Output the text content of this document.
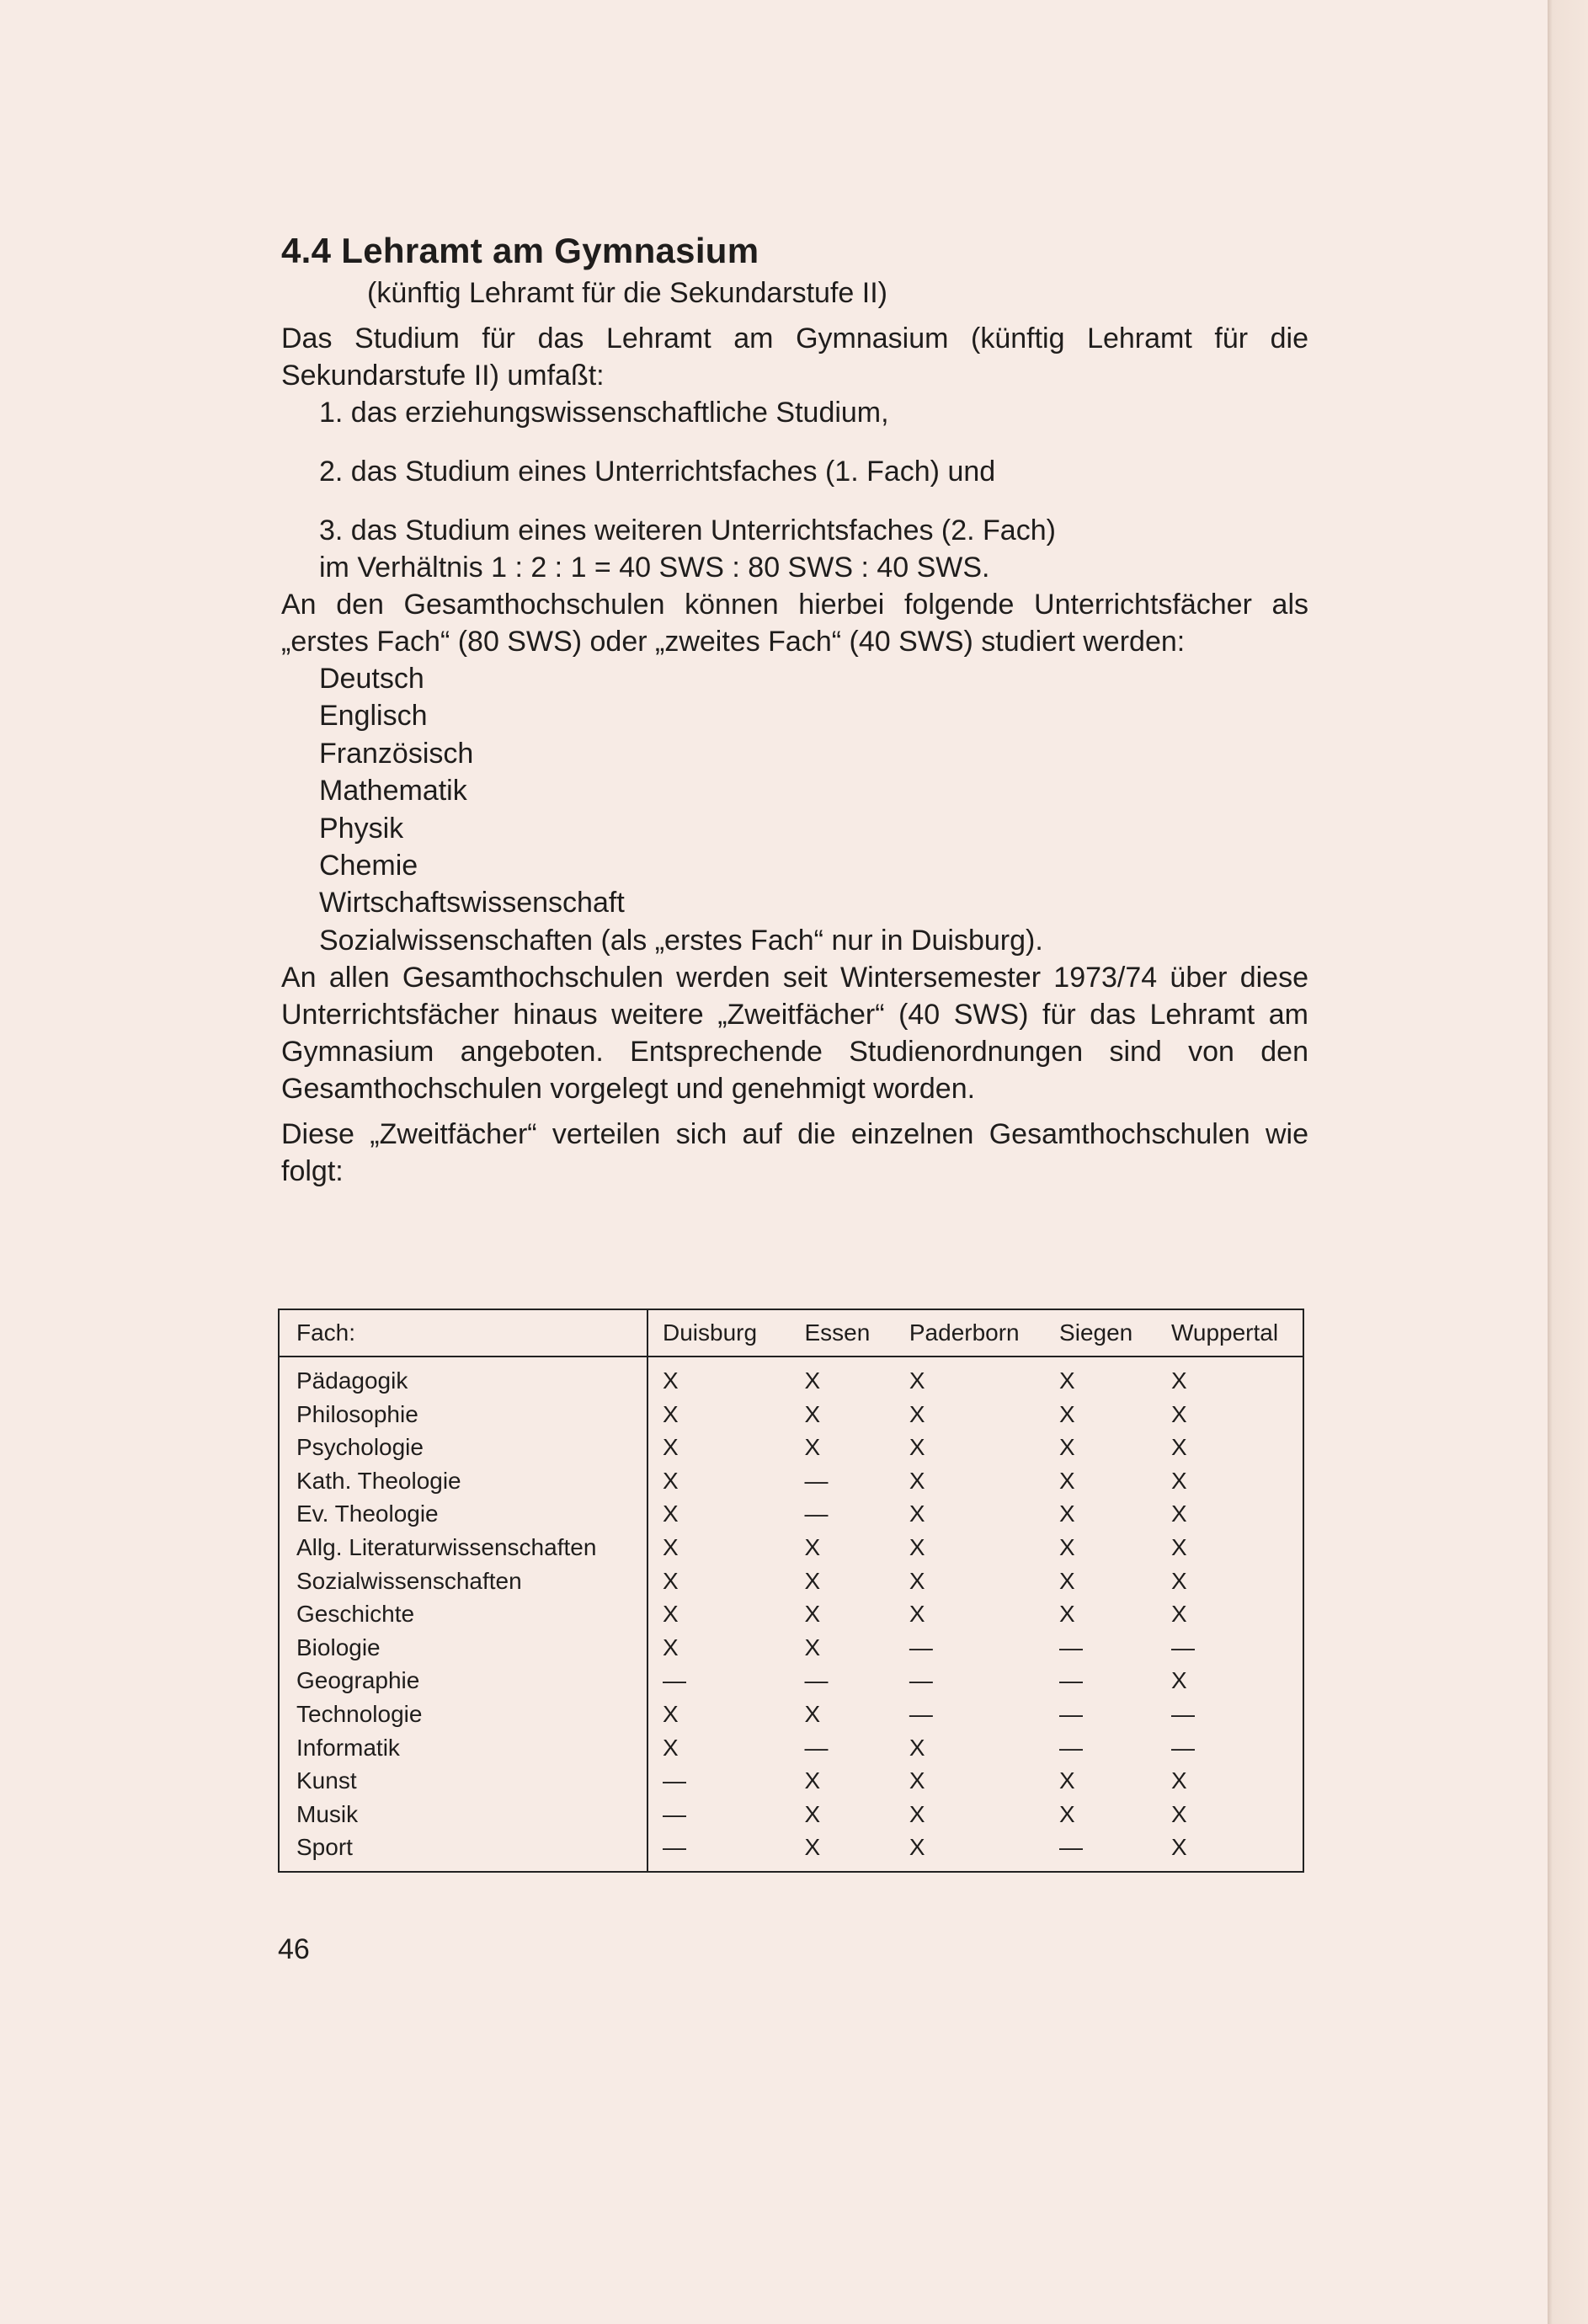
4.4 Lehramt am Gymnasium
(künftig Lehramt für die Sekundarstufe II)

Das Studium für das Lehramt am Gymnasium (künftig Lehramt für die Sekundarstufe II) umfaßt:

1. das erziehungswissenschaftliche Studium,
2. das Studium eines Unterrichtsfaches (1. Fach) und
3. das Studium eines weiteren Unterrichtsfaches (2. Fach)
im Verhältnis 1 : 2 : 1 = 40 SWS : 80 SWS : 40 SWS.

An den Gesamthochschulen können hierbei folgende Unterrichtsfächer als „erstes Fach“ (80 SWS) oder „zweites Fach“ (40 SWS) studiert werden:

Deutsch
Englisch
Französisch
Mathematik
Physik
Chemie
Wirtschaftswissenschaft
Sozialwissenschaften (als „erstes Fach“ nur in Duisburg).

An allen Gesamthochschulen werden seit Wintersemester 1973/74 über diese Unterrichtsfächer hinaus weitere „Zweitfächer“ (40 SWS) für das Lehramt am Gymnasium angeboten. Entsprechende Studienordnungen sind von den Gesamthochschulen vorgelegt und genehmigt worden.

Diese „Zweitfächer“ verteilen sich auf die einzelnen Gesamthochschulen wie folgt:

Fach:	Duisburg	Essen	Paderborn	Siegen	Wuppertal
Pädagogik	X	X	X	X	X
Philosophie	X	X	X	X	X
Psychologie	X	X	X	X	X
Kath. Theologie	X	—	X	X	X
Ev. Theologie	X	—	X	X	X
Allg. Literaturwissenschaften	X	X	X	X	X
Sozialwissenschaften	X	X	X	X	X
Geschichte	X	X	X	X	X
Biologie	X	X	—	—	—
Geographie	—	—	—	—	X
Technologie	X	X	—	—	—
Informatik	X	—	X	—	—
Kunst	—	X	X	X	X
Musik	—	X	X	X	X
Sport	—	X	X	—	X
46
